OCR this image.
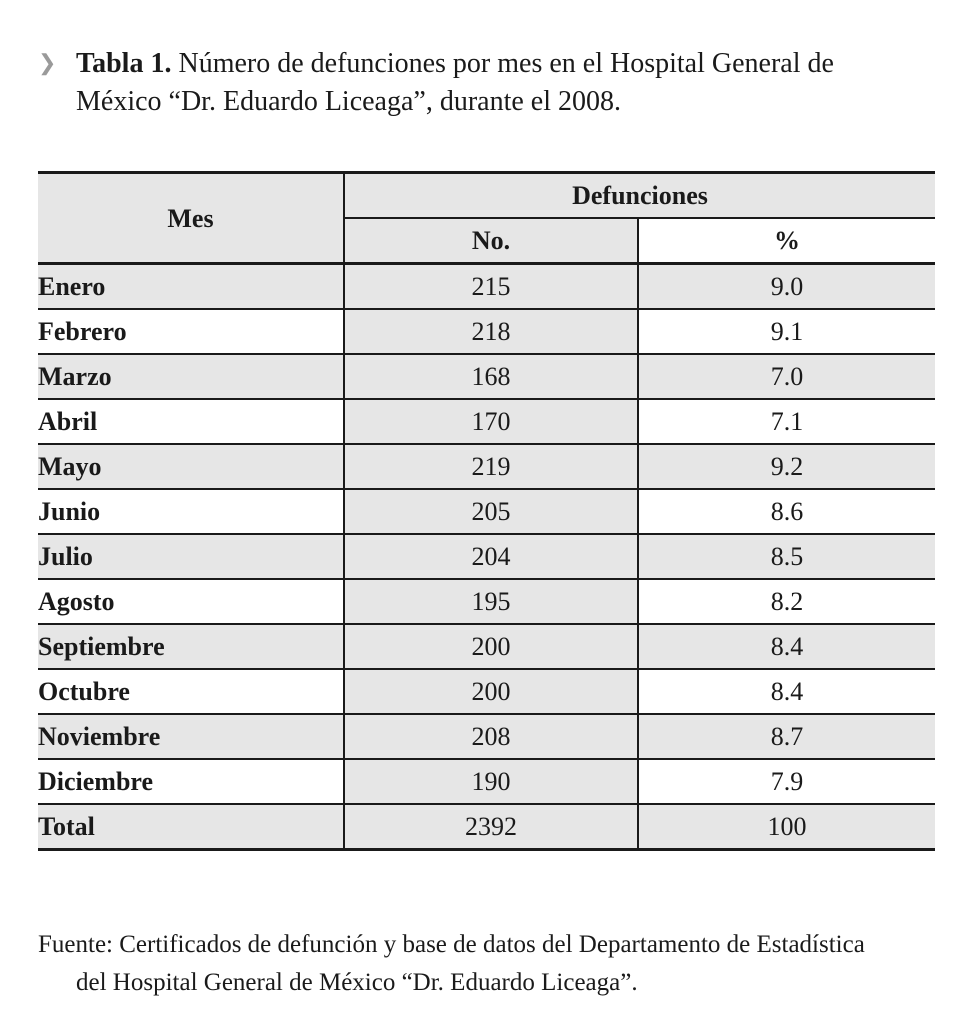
❯ Tabla 1. Número de defunciones por mes en el Hospital General de
México “Dr. Eduardo Liceaga”, durante el 2008.
Mes	Defunciones	
	No.	%
Enero	215	9.0
Febrero	218	9.1
Marzo	168	7.0
Abril	170	7.1
Mayo	219	9.2
Junio	205	8.6
Julio	204	8.5
Agosto	195	8.2
Septiembre	200	8.4
Octubre	200	8.4
Noviembre	208	8.7
Diciembre	190	7.9
Total	2392	100
Fuente: Certificados de defunción y base de datos del Departamento de Estadística
del Hospital General de México “Dr. Eduardo Liceaga”.
